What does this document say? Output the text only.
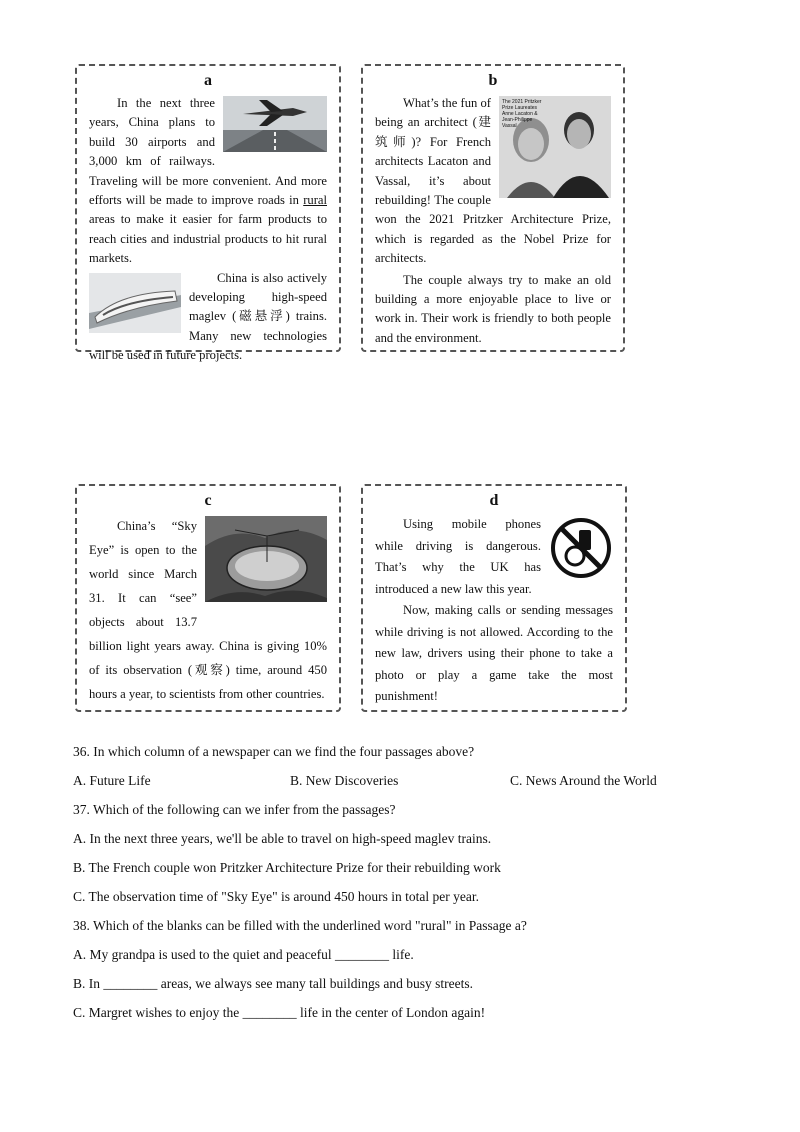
a

In the next three years, China plans to build 30 airports and 3,000 km of railways. Traveling will be more convenient. And more efforts will be made to improve roads in rural areas to make it easier for farm products to reach cities and industrial products to hit rural markets.

China is also actively developing high-speed maglev (磁悬浮) trains. Many new technologies will be used in future projects.

b
The 2021 Pritzker Prize Laureates Anne Lacaton & Jean-Philippe Vassal

What’s the fun of being an architect (建筑师)? For French architects Lacaton and Vassal, it’s about rebuilding! The couple won the 2021 Pritzker Architecture Prize, which is regarded as the Nobel Prize for architects.

The couple always try to make an old building a more enjoyable place to live or work in. Their work is friendly to both people and the environment.

c

China’s “Sky Eye” is open to the world since March 31. It can “see” objects about 13.7 billion light years away. China is giving 10% of its observation (观察) time, around 450 hours a year, to scientists from other countries.

d

Using mobile phones while driving is dangerous. That’s why the UK has introduced a new law this year.

Now, making calls or sending messages while driving is not allowed. According to the new law, drivers using their phone to take a photo or play a game take the most punishment!

36. In which column of a newspaper can we find the four passages above?

A. Future Life	B. New Discoveries	C. News Around the World

37. Which of the following can we infer from the passages?

A. In the next three years, we'll be able to travel on high-speed maglev trains.

B. The French couple won Pritzker Architecture Prize for their rebuilding work

C. The observation time of "Sky Eye" is around 450 hours in total per year.

38. Which of the blanks can be filled with the underlined word "rural" in Passage a?

A. My grandpa is used to the quiet and peaceful ________ life.

B. In ________ areas, we always see many tall buildings and busy streets.

C. Margret wishes to enjoy the ________ life in the center of London again!
